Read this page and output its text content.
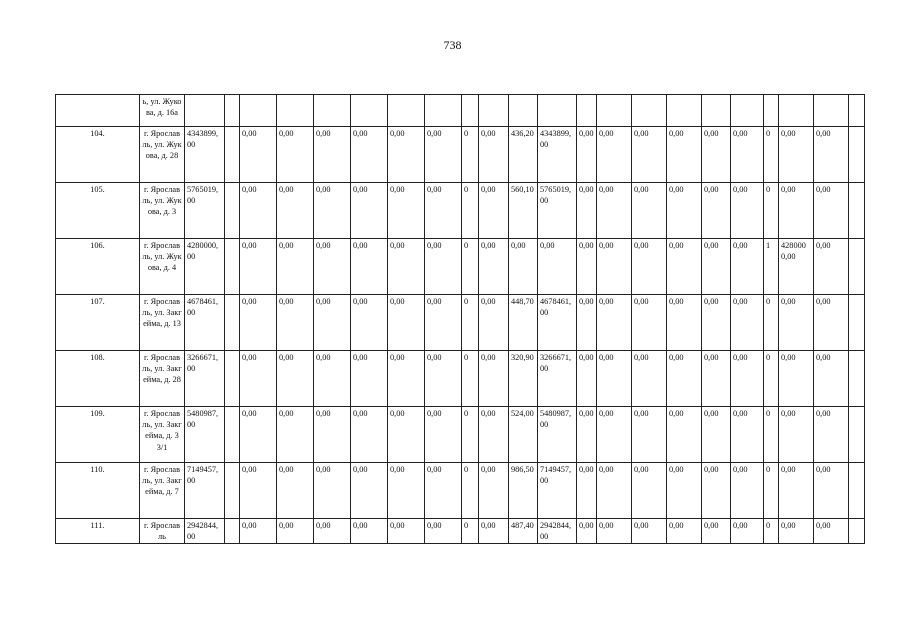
738
	ь, ул. Жукова, д. 16а																						
104.	г. Ярославль, ул. Жукова, д. 28	4343899,00		0,00	0,00	0,00	0,00	0,00	0,00	0	0,00	436,20	4343899,00	0,00	0,00	0,00	0,00	0,00	0,00	0	0,00	0,00	
105.	г. Ярославль, ул. Жукова, д. 3	5765019,00		0,00	0,00	0,00	0,00	0,00	0,00	0	0,00	560,10	5765019,00	0,00	0,00	0,00	0,00	0,00	0,00	0	0,00	0,00	
106.	г. Ярославль, ул. Жукова, д. 4	4280000,00		0,00	0,00	0,00	0,00	0,00	0,00	0	0,00	0,00	0,00	0,00	0,00	0,00	0,00	0,00	0,00	1	4280000,00	0,00	
107.	г. Ярославль, ул. Закгейма, д. 13	4678461,00		0,00	0,00	0,00	0,00	0,00	0,00	0	0,00	448,70	4678461,00	0,00	0,00	0,00	0,00	0,00	0,00	0	0,00	0,00	
108.	г. Ярославль, ул. Закгейма, д. 28	3266671,00		0,00	0,00	0,00	0,00	0,00	0,00	0	0,00	320,90	3266671,00	0,00	0,00	0,00	0,00	0,00	0,00	0	0,00	0,00	
109.	г. Ярославль, ул. Закгейма, д. 33/1	5480987,00		0,00	0,00	0,00	0,00	0,00	0,00	0	0,00	524,00	5480987,00	0,00	0,00	0,00	0,00	0,00	0,00	0	0,00	0,00	
110.	г. Ярославль, ул. Закгейма, д. 7	7149457,00		0,00	0,00	0,00	0,00	0,00	0,00	0	0,00	986,50	7149457,00	0,00	0,00	0,00	0,00	0,00	0,00	0	0,00	0,00	
111.	г. Ярославль	2942844,00		0,00	0,00	0,00	0,00	0,00	0,00	0	0,00	487,40	2942844,00	0,00	0,00	0,00	0,00	0,00	0,00	0	0,00	0,00	
